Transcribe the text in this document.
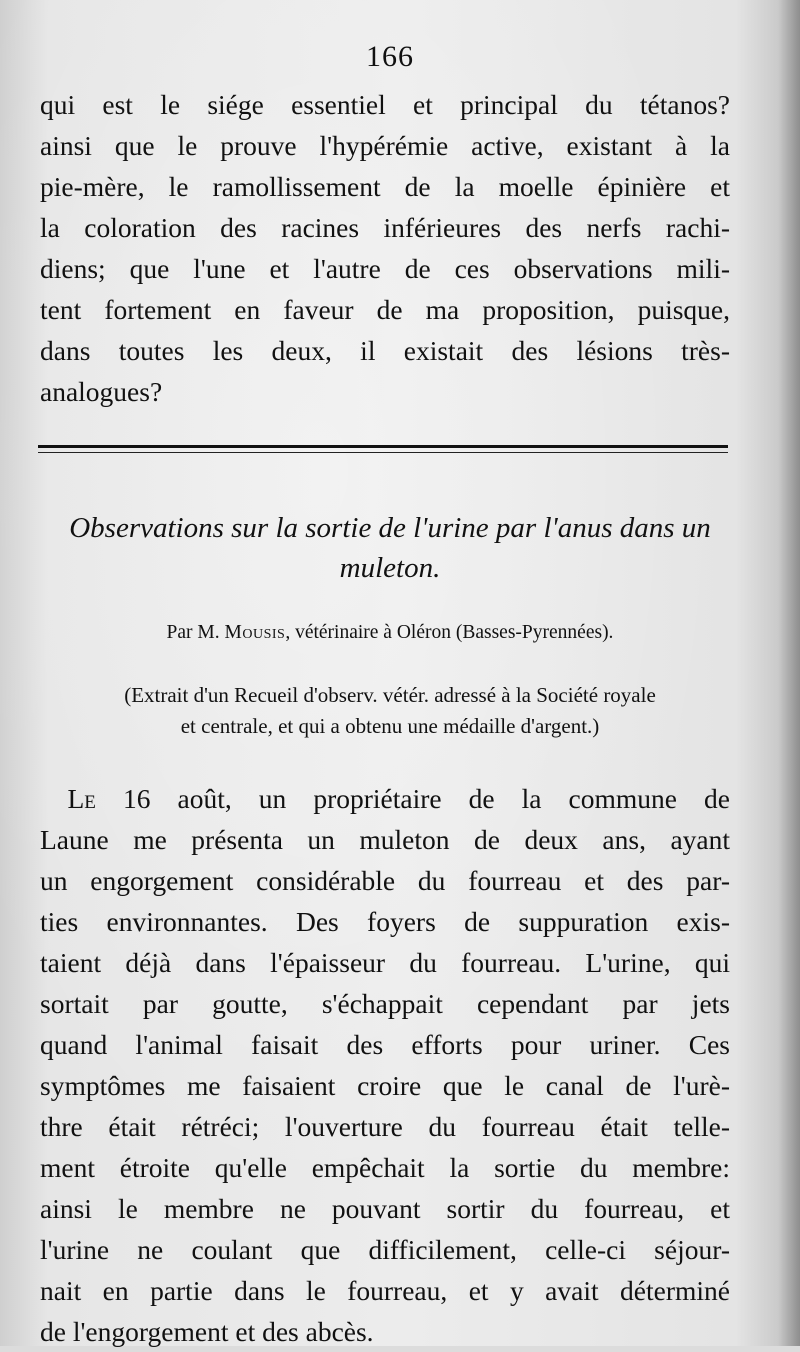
166
qui est le siége essentiel et principal du tétanos?
ainsi que le prouve l'hypérémie active, existant à la
pie-mère, le ramollissement de la moelle épinière et
la coloration des racines inférieures des nerfs rachi-
diens; que l'une et l'autre de ces observations mili-
tent fortement en faveur de ma proposition, puisque,
dans toutes les deux, il existait des lésions très-
analogues?
Observations sur la sortie de l'urine par l'anus dans un
muleton.
Par M. Mousis, vétérinaire à Oléron (Basses-Pyrennées).
(Extrait d'un Recueil d'observ. vétér. adressé à la Société royale
et centrale, et qui a obtenu une médaille d'argent.)
 Le 16 août, un propriétaire de la commune de
Laune me présenta un muleton de deux ans, ayant
un engorgement considérable du fourreau et des par-
ties environnantes. Des foyers de suppuration exis-
taient déjà dans l'épaisseur du fourreau. L'urine, qui
sortait par goutte, s'échappait cependant par jets
quand l'animal faisait des efforts pour uriner. Ces
symptômes me faisaient croire que le canal de l'urè-
thre était rétréci; l'ouverture du fourreau était telle-
ment étroite qu'elle empêchait la sortie du membre:
ainsi le membre ne pouvant sortir du fourreau, et
l'urine ne coulant que difficilement, celle-ci séjour-
nait en partie dans le fourreau, et y avait déterminé
de l'engorgement et des abcès.
